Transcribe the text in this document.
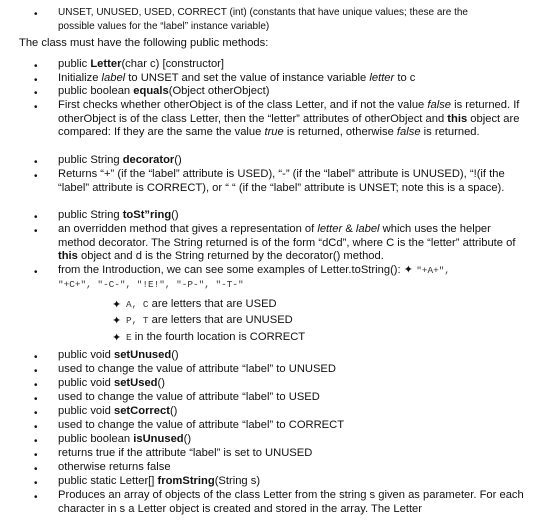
• UNSET, UNUSED, USED, CORRECT (int) (constants that have unique values; these are the
possible values for the “label” instance variable)
The class must have the following public methods:
• public Letter(char c) [constructor]
• Initialize label to UNSET and set the value of instance variable letter to c
• public boolean equals(Object otherObject)
• First checks whether otherObject is of the class Letter, and if not the value false is returned. If otherObject is of the class Letter, then the “letter” attributes of otherObject and this object are compared: If they are the same the value true is returned, otherwise false is returned.
• public String decorator()
• Returns “+” (if the “label” attribute is USED), “-” (if the “label” attribute is UNUSED), “!(if the “label” attribute is CORRECT), or “ “ (if the “label” attribute is UNSET; note this is a space).
• public String toSt”ring()
• an overridden method that gives a representation of letter & label which uses the helper method decorator. The String returned is of the form “dCd”, where C is the “letter” attribute of this object and d is the String returned by the decorator() method.
• from the Introduction, we can see some examples of Letter.toString(): ✦ "+A+",
"+C+", "-C-", "!E!", "-P-", "-T-"
✦ A, C are letters that are USED
✦ P, T are letters that are UNUSED
✦ E in the fourth location is CORRECT
• public void setUnused()
• used to change the value of attribute “label” to UNUSED
• public void setUsed()
• used to change the value of attribute “label” to USED
• public void setCorrect()
• used to change the value of attribute “label” to CORRECT
• public boolean isUnused()
• returns true if the attribute “label” is set to UNUSED
• otherwise returns false
• public static Letter[] fromString(String s)
• Produces an array of objects of the class Letter from the string s given as parameter. For each character in s a Letter object is created and stored in the array. The Letter
